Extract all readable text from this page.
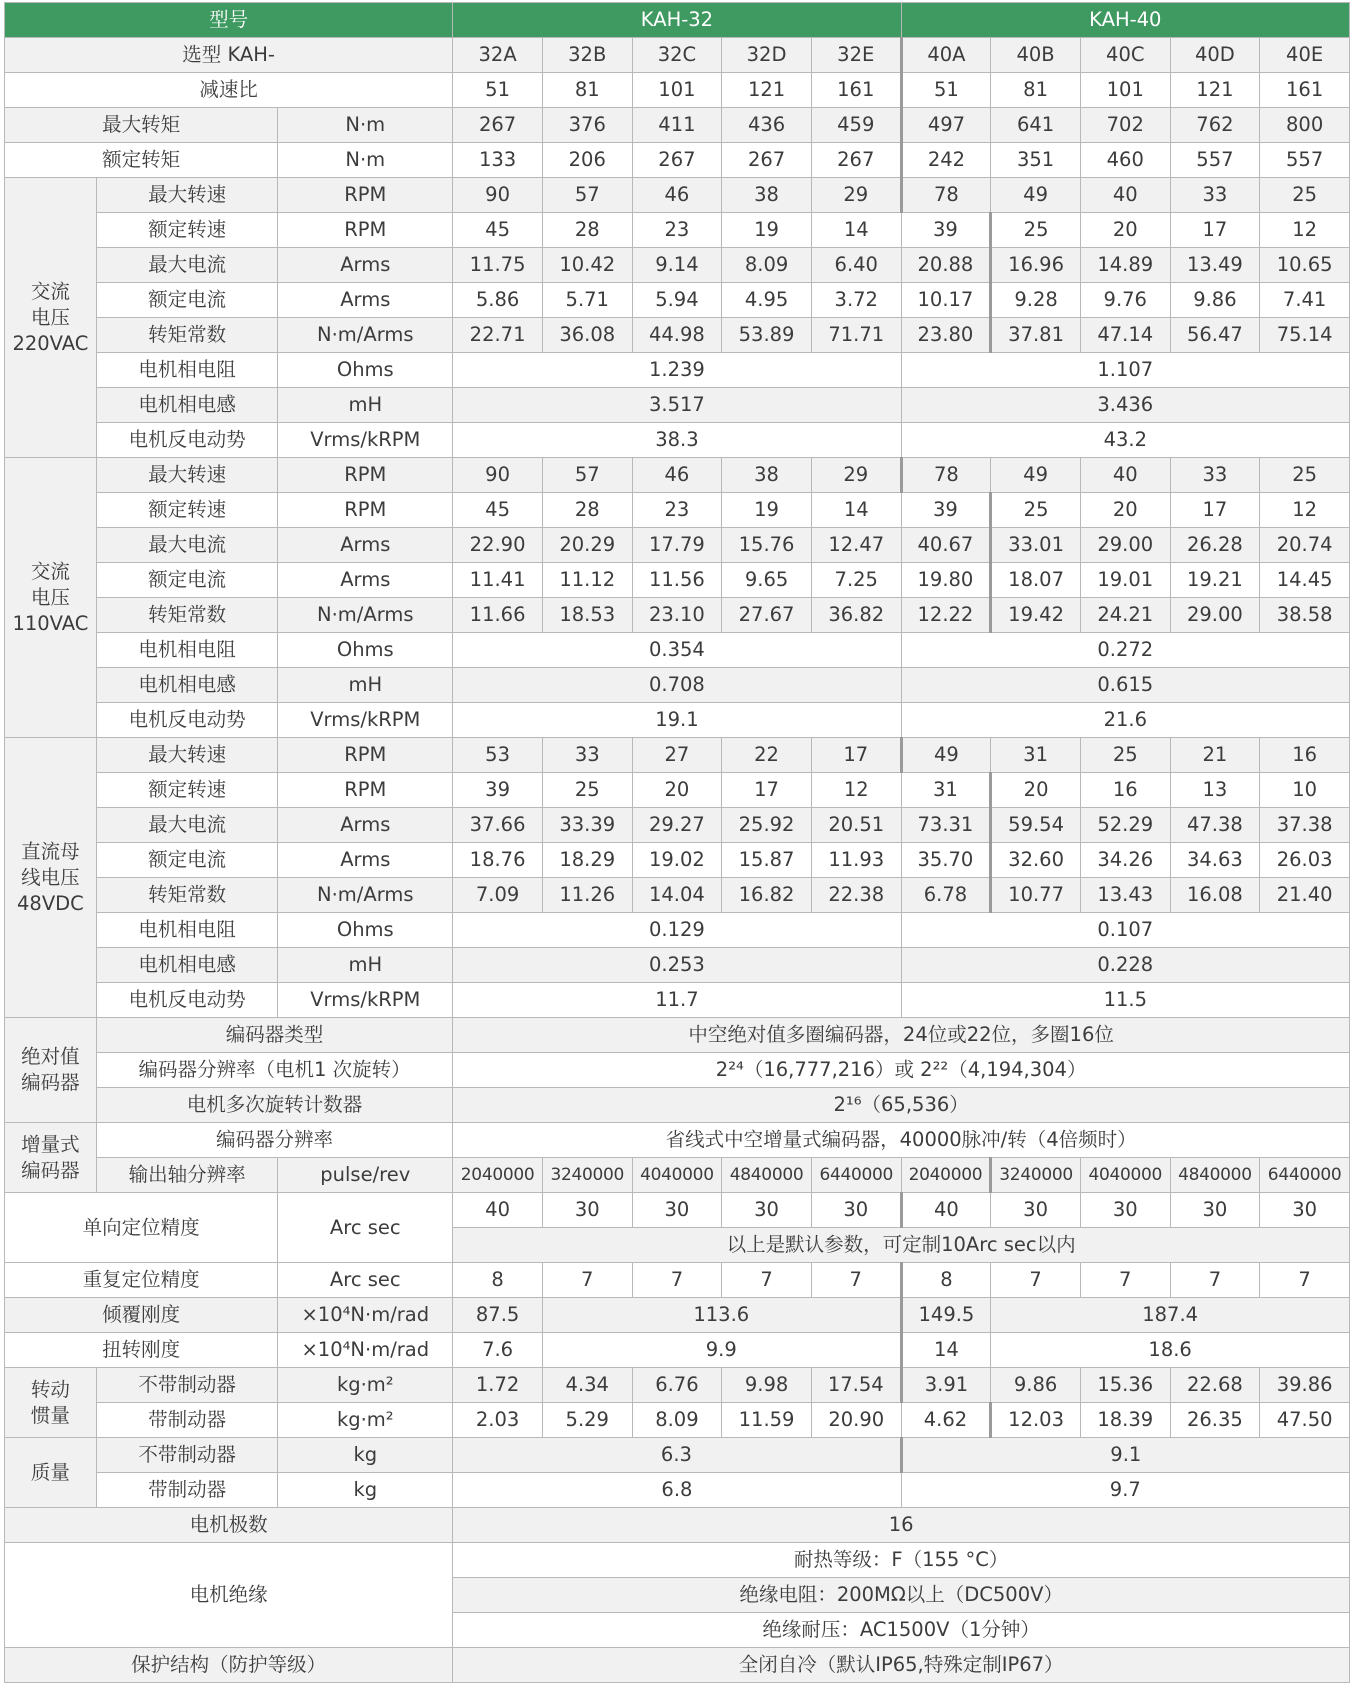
型号			KAH-32					KAH-40				
选型 KAH-			32A	32B	32C	32D	32E	40A	40B	40C	40D	40E
减速比			51	81	101	121	161	51	81	101	121	161
最大转矩		N·m	267	376	411	436	459	497	641	702	762	800
额定转矩		N·m	133	206	267	267	267	242	351	460	557	557

交流
电压
220VAC	最大转速	RPM	90	57	46	38	29	78	49	40	33	25
	额定转速	RPM	45	28	23	19	14	39	25	20	17	12
	最大电流	Arms	11.75	10.42	9.14	8.09	6.40	20.88	16.96	14.89	13.49	10.65
	额定电流	Arms	5.86	5.71	5.94	4.95	3.72	10.17	9.28	9.76	9.86	7.41
	转矩常数	N·m/Arms	22.71	36.08	44.98	53.89	71.71	23.80	37.81	47.14	56.47	75.14
	电机相电阻	Ohms	1.239					1.107				
	电机相电感	mH	3.517					3.436				
	电机反电动势	Vrms/kRPM	38.3					43.2				

交流
电压
110VAC	最大转速	RPM	90	57	46	38	29	78	49	40	33	25
	额定转速	RPM	45	28	23	19	14	39	25	20	17	12
	最大电流	Arms	22.90	20.29	17.79	15.76	12.47	40.67	33.01	29.00	26.28	20.74
	额定电流	Arms	11.41	11.12	11.56	9.65	7.25	19.80	18.07	19.01	19.21	14.45
	转矩常数	N·m/Arms	11.66	18.53	23.10	27.67	36.82	12.22	19.42	24.21	29.00	38.58
	电机相电阻	Ohms	0.354					0.272				
	电机相电感	mH	0.708					0.615				
	电机反电动势	Vrms/kRPM	19.1					21.6				

直流母
线电压
48VDC	最大转速	RPM	53	33	27	22	17	49	31	25	21	16
	额定转速	RPM	39	25	20	17	12	31	20	16	13	10
	最大电流	Arms	37.66	33.39	29.27	25.92	20.51	73.31	59.54	52.29	47.38	37.38
	额定电流	Arms	18.76	18.29	19.02	15.87	11.93	35.70	32.60	34.26	34.63	26.03
	转矩常数	N·m/Arms	7.09	11.26	14.04	16.82	22.38	6.78	10.77	13.43	16.08	21.40
	电机相电阻	Ohms	0.129					0.107				
	电机相电感	mH	0.253					0.228				
	电机反电动势	Vrms/kRPM	11.7					11.5				

绝对值
编码器	编码器类型		中空绝对值多圈编码器，24位或22位，多圈16位									
	编码器分辨率（电机1 次旋转）		2²⁴（16,777,216）或 2²²（4,194,304）									
	电机多次旋转计数器		2¹⁶（65,536）									

增量式
编码器	编码器分辨率		省线式中空增量式编码器，40000脉冲/转（4倍频时）									
	输出轴分辨率	pulse/rev	2040000	3240000	4040000	4840000	6440000	2040000	3240000	4040000	4840000	6440000
单向定位精度		Arc sec	40	30	30	30	30	40	30	30	30	30
			以上是默认参数，可定制10Arc sec以内									
重复定位精度		Arc sec	8	7	7	7	7	8	7	7	7	7
倾覆刚度		×10⁴N·m/rad	87.5	113.6				149.5	187.4			
扭转刚度		×10⁴N·m/rad	7.6	9.9				14	18.6			

转动
惯量	不带制动器	kg·m²	1.72	4.34	6.76	9.98	17.54	3.91	9.86	15.36	22.68	39.86
	带制动器	kg·m²	2.03	5.29	8.09	11.59	20.90	4.62	12.03	18.39	26.35	47.50
质量	不带制动器	kg	6.3					9.1				
	带制动器	kg	6.8					9.7				
电机极数			16									
电机绝缘			耐热等级：F（155 °C）									
			绝缘电阻：200MΩ以上（DC500V）									
			绝缘耐压：AC1500V（1分钟）									
保护结构（防护等级）			全闭自冷（默认IP65,特殊定制IP67）									
